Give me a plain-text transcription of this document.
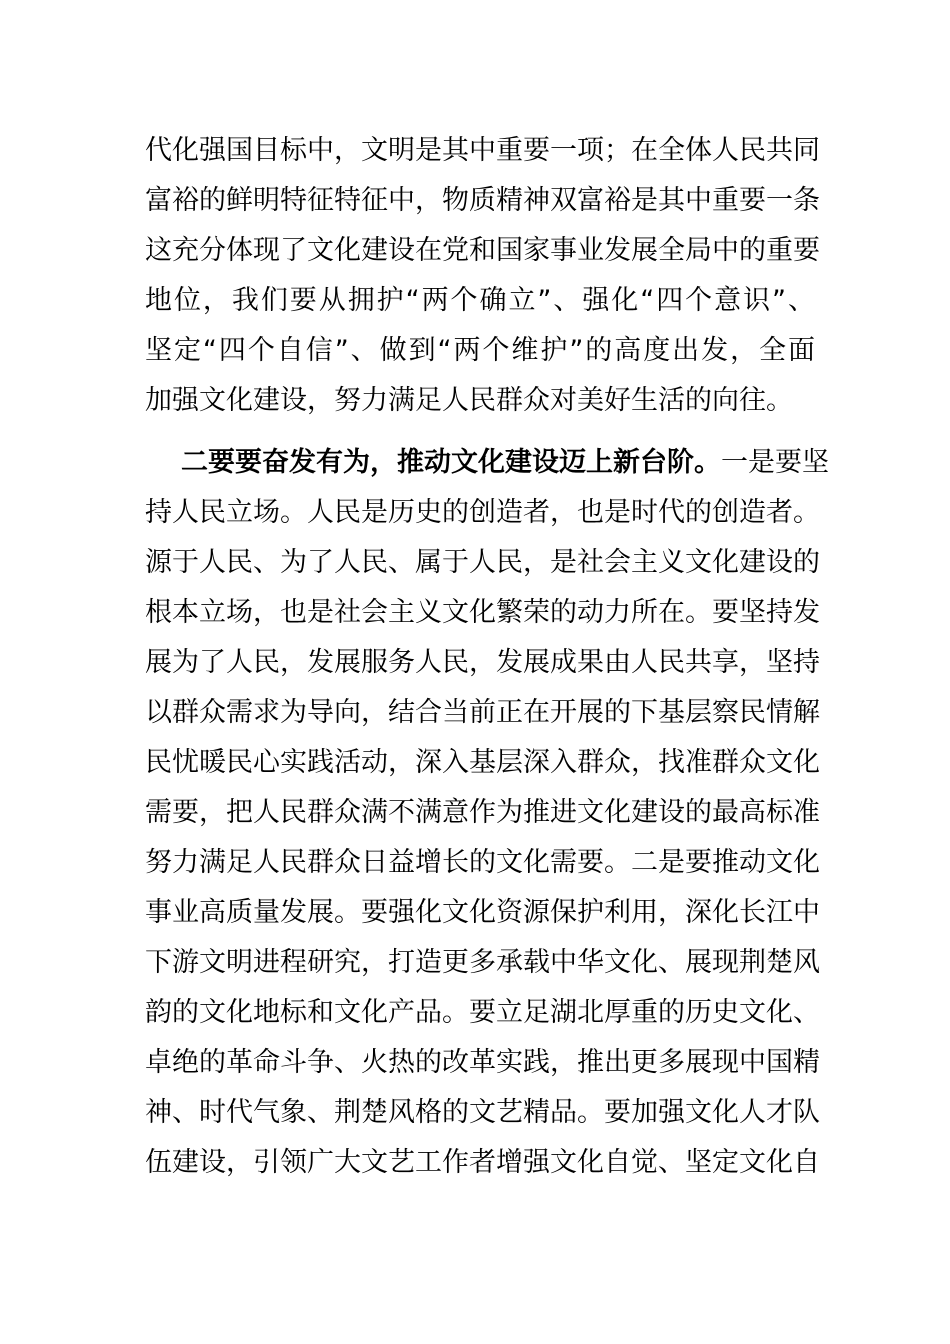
代化强国目标中，文明是其中重要一项；在全体人民共同
富裕的鲜明特征特征中，物质精神双富裕是其中重要一条
这充分体现了文化建设在党和国家事业发展全局中的重要
地位，我们要从拥护“两个确立”、强化“四个意识”、
坚定“四个自信”、做到“两个维护”的高度出发，全面
加强文化建设，努力满足人民群众对美好生活的向往。
二要要奋发有为，推动文化建设迈上新台阶。一是要坚
持人民立场。人民是历史的创造者，也是时代的创造者。
源于人民、为了人民、属于人民，是社会主义文化建设的
根本立场，也是社会主义文化繁荣的动力所在。要坚持发
展为了人民，发展服务人民，发展成果由人民共享，坚持
以群众需求为导向，结合当前正在开展的下基层察民情解
民忧暖民心实践活动，深入基层深入群众，找准群众文化
需要，把人民群众满不满意作为推进文化建设的最高标准
努力满足人民群众日益增长的文化需要。二是要推动文化
事业高质量发展。要强化文化资源保护利用，深化长江中
下游文明进程研究，打造更多承载中华文化、展现荆楚风
韵的文化地标和文化产品。要立足湖北厚重的历史文化、
卓绝的革命斗争、火热的改革实践，推出更多展现中国精
神、时代气象、荆楚风格的文艺精品。要加强文化人才队
伍建设，引领广大文艺工作者增强文化自觉、坚定文化自
